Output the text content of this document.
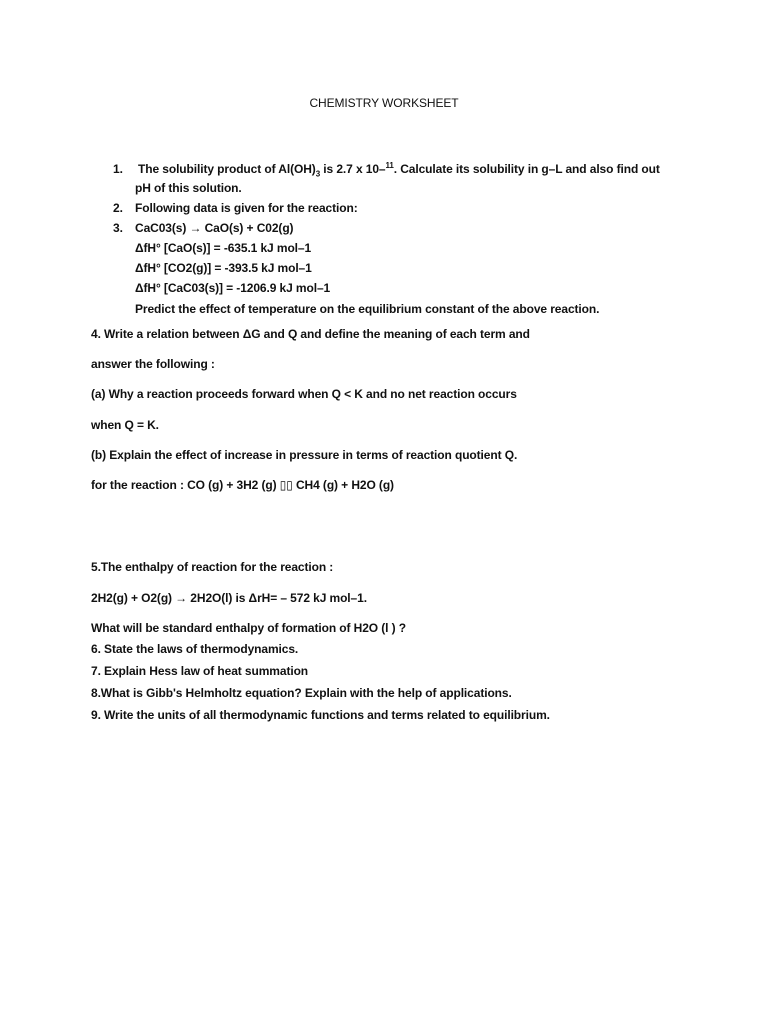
CHEMISTRY WORKSHEET
1. The solubility product of $Al(OH)_3$ is 2.7 x 10–$^{11}$. Calculate its solubility in g–L and also find out
pH of this solution.
2. Following data is given for the reaction:
3. CaC03(s) → CaO(s) + C02(g)
ΔfH° [CaO(s)] = -635.1 kJ mol–1
ΔfH° [CO2(g)] = -393.5 kJ mol–1
ΔfH° [CaC03(s)] = -1206.9 kJ mol–1
Predict the effect of temperature on the equilibrium constant of the above reaction.
4. Write a relation between ΔG and Q and define the meaning of each term and
answer the following :
(a) Why a reaction proceeds forward when Q < K and no net reaction occurs
when Q = K.
(b) Explain the effect of increase in pressure in terms of reaction quotient Q.
for the reaction : CO (g) + 3H2 (g) ▯▯ CH4 (g) + H2O (g)
5.The enthalpy of reaction for the reaction :
2H2(g) + O2(g) → 2H2O(l) is ΔrH= – 572 kJ mol–1.
What will be standard enthalpy of formation of H2O (l ) ?
6. State the laws of thermodynamics.
7. Explain Hess law of heat summation
8.What is Gibb's Helmholtz equation? Explain with the help of applications.
9. Write the units of all thermodynamic functions and terms related to equilibrium.
